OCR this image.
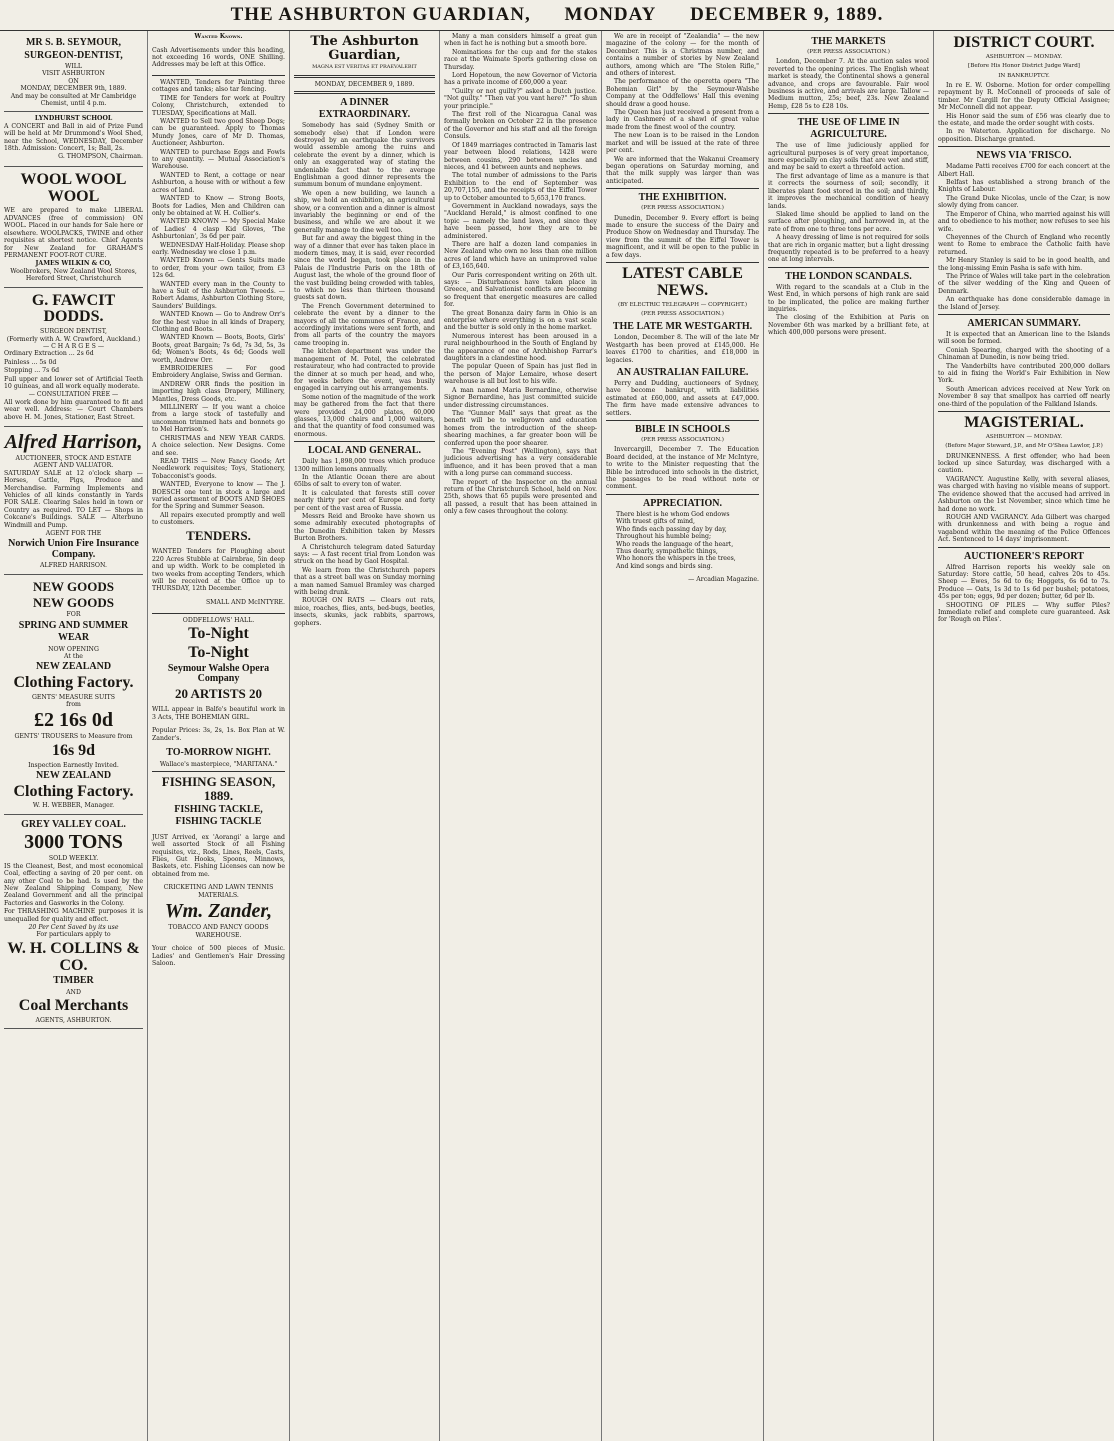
THE ASHBURTON GUARDIAN, MONDAY DECEMBER 9, 1889.
MR S. B. SEYMOUR,
SURGEON-DENTIST,
WILL
VISIT ASHBURTON
ON
MONDAY, DECEMBER 9th, 1889.
And may be consulted at Mr Cambridge Chemist, until 4 p.m.
LYNDHURST SCHOOL

A CONCERT and Ball in aid of Prize Fund will be held at Mr Drummond's Wool Shed, near the School, WEDNESDAY, December 18th. Admission: Concert, 1s; Ball, 2s.

G. THOMPSON, Chairman.

WOOL WOOL WOOL

WE are prepared to make LIBERAL ADVANCES (free of commission) ON WOOL. Placed in our hands for Sale here or elsewhere. WOOLPACKS, TWINE and other requisites at shortest notice. Chief Agents for New Zealand for GRAHAM'S PERMANENT FOOT-ROT CURE.

JAMES WILKIN & CO,
Woolbrokers, New Zealand Wool Stores, Hereford Street, Christchurch
G. FAWCIT DODDS.
SURGEON DENTIST,
(Formerly with A. W. Crawford, Auckland.)
— C H A R G E S —

Ordinary Extraction ... 2s 6d

Painless ... 5s 0d

Stopping ... 7s 6d

Full upper and lower set of Artificial Teeth 10 guineas, and all work equally moderate.

— CONSULTATION FREE —

All work done by him guaranteed to fit and wear well. Address: — Court Chambers above H. M. Jones, Stationer, East Street.

Alfred Harrison,
AUCTIONEER, STOCK AND ESTATE AGENT AND VALUATOR.

SATURDAY SALE at 12 o'clock sharp — Horses, Cattle, Pigs, Produce and Merchandise. Farming Implements and Vehicles of all kinds constantly in Yards FOR SALE. Clearing Sales held in town or Country as required. TO LET — Shops in Cokcane's Buildings. SALE — Alterbuno Windmill and Pump.

AGENT FOR THE
Norwich Union Fire Insurance Company.
ALFRED HARRISON.
NEW GOODS
NEW GOODS
FOR
SPRING AND SUMMER
WEAR
NOW OPENING
At the
NEW ZEALAND
Clothing Factory.
GENTS' MEASURE SUITS
from
£2 16s 0d
GENTS' TROUSERS to Measure from
16s 9d
Inspection Earnestly Invited.
NEW ZEALAND
Clothing Factory.
W. H. WEBBER, Manager.
GREY VALLEY COAL.
3000 TONS
SOLD WEEKLY.

IS the Cleanest, Best, and most economical Coal, effecting a saving of 20 per cent. on any other Coal to be had. Is used by the New Zealand Shipping Company, New Zealand Government and all the principal Factories and Gasworks in the Colony.

For THRASHING MACHINE purposes it is unequalled for quality and effect.

20 Per Cent Saved by its use
For particulars apply to
W. H. COLLINS & CO.
TIMBER
AND
Coal Merchants
AGENTS, ASHBURTON.
Wanted Known.

Cash Advertisements under this heading, not exceeding 16 words, ONE Shilling. Addresses may be left at this Office.

WANTED, Tenders for Painting three cottages and tanks; also tar fencing.

TIME for Tenders for work at Poultry Colony, Christchurch, extended to TUESDAY, Specifications at Mall.

WANTED to Sell two good Sheep Dogs; can be guaranteed. Apply to Thomas Mundy Jones, care of Mr D. Thomas, Auctioneer, Ashburton.

WANTED to purchase Eggs and Fowls to any quantity. — Mutual Association's Warehouse.

WANTED to Rent, a cottage or near Ashburton, a house with or without a few acres of land.

WANTED to Know — Strong Boots, Boots for Ladies, Men and Children can only be obtained at W. H. Collier's.

WANTED KNOWN — My Special Make of Ladies' 4 clasp Kid Gloves, 'The Ashburtonian', 3s 6d per pair.

WEDNESDAY Half-Holiday. Please shop early. Wednesday we close 1 p.m.

WANTED Known — Gents Suits made to order, from your own tailor, from £3 12s 6d.

WANTED every man in the County to have a Suit of the Ashburton Tweeds. — Robert Adams, Ashburton Clothing Store, Saunders' Buildings.

WANTED Known — Go to Andrew Orr's for the best value in all kinds of Drapery, Clothing and Boots.

WANTED Known — Boots, Boots, Girls' Boots, great Bargain; 7s 6d, 7s 3d, 5s, 3s 6d; Women's Boots, 4s 6d; Goods well worth, Andrew Orr.

EMBROIDERIES — For good Embroidery Anglaise, Swiss and German.

ANDREW ORR finds the position in importing high class Drapery, Millinery, Mantles, Dress Goods, etc.

MILLINERY — If you want a choice from a large stock of tastefully and uncommon trimmed hats and bonnets go to Mel Harrison's.

CHRISTMAS and NEW YEAR CARDS. A choice selection. New Designs. Come and see.

READ THIS — New Fancy Goods; Art Needlework requisites; Toys, Stationery, Tobacconist's goods.

WANTED, Everyone to know — The J. BOESCH one tent in stock a large and varied assortment of BOOTS AND SHOES for the Spring and Summer Season.

All repairs executed promptly and well to customers.

TENDERS.

WANTED Tenders for Ploughing about 220 Acres Stubble at Cairnbrae, 5in deep and up width. Work to be completed in two weeks from accepting Tenders, which will be received at the Office up to THURSDAY, 12th December.

SMALL AND McINTYRE.

ODDFELLOWS' HALL.
To-Night
To-Night
Seymour Walshe Opera Company
20 ARTISTS 20

WILL appear in Balfe's beautiful work in 3 Acts, THE BOHEMIAN GIRL.

Popular Prices: 3s, 2s, 1s. Box Plan at W. Zander's.

TO-MORROW NIGHT.
Wallace's masterpiece, "MARITANA."
FISHING SEASON, 1889.
FISHING TACKLE,
FISHING TACKLE

JUST Arrived, ex 'Aorangi' a large and well assorted Stock of all Fishing requisites, viz., Rods, Lines, Reels, Casts, Flies, Gut Hooks, Spoons, Minnows, Baskets, etc. Fishing Licenses can now be obtained from me.

CRICKETING AND LAWN TENNIS MATERIALS.
Wm. Zander,
TOBACCO AND FANCY GOODS WAREHOUSE.

Your choice of 500 pieces of Music. Ladies' and Gentlemen's Hair Dressing Saloon.

The Ashburton Guardian,
MAGNA EST VERITAS ET PRAEVALEBIT
MONDAY, DECEMBER 9, 1889.
A DINNER EXTRAORDINARY.

Somebody has said (Sydney Smith or somebody else) that if London were destroyed by an earthquake the survivors would assemble among the ruins and celebrate the event by a dinner, which is only an exaggerated way of stating the undeniable fact that to the average Englishman a good dinner represents the summum bonum of mundane enjoyment.

We open a new building, we launch a ship, we hold an exhibition, an agricultural show, or a convention and a dinner is almost invariably the beginning or end of the business, and while we are about it we generally manage to dine well too.

But far and away the biggest thing in the way of a dinner that ever has taken place in modern times, may, it is said, ever recorded since the world began, took place in the Palais de l'Industrie Paris on the 18th of August last, the whole of the ground floor of the vast building being crowded with tables, to which no less than thirteen thousand guests sat down.

The French Government determined to celebrate the event by a dinner to the mayors of all the communes of France, and accordingly invitations were sent forth, and from all parts of the country the mayors came trooping in.

The kitchen department was under the management of M. Potel, the celebrated restaurateur, who had contracted to provide the dinner at so much per head, and who, for weeks before the event, was busily engaged in carrying out his arrangements.

Some notion of the magnitude of the work may be gathered from the fact that there were provided 24,000 plates, 60,000 glasses, 13,000 chairs and 1,000 waiters, and that the quantity of food consumed was enormous.

LOCAL AND GENERAL.

Daily has 1,898,000 trees which produce 1300 million lemons annually.

In the Atlantic Ocean there are about 65lbs of salt to every ton of water.

It is calculated that forests still cover nearly thirty per cent of Europe and forty per cent of the vast area of Russia.

Messrs Reid and Brooke have shown us some admirably executed photographs of the Dunedin Exhibition taken by Messrs Burton Brothers.

A Christchurch telegram dated Saturday says: — A fast recent trial from London was struck on the head by Gaol Hospital.

We learn from the Christchurch papers that as a street ball was on Sunday morning a man named Samuel Bramley was charged with being drunk.

ROUGH ON RATS — Clears out rats, mice, roaches, flies, ants, bed-bugs, beetles, insects, skunks, jack rabbits, sparrows, gophers.

Many a man considers himself a great gun when in fact he is nothing but a smooth bore.

Nominations for the cup and for the stakes race at the Waimate Sports gathering close on Thursday.

Lord Hopetoun, the new Governor of Victoria has a private income of £60,000 a year.

"Guilty or not guilty?" asked a Dutch justice. "Not guilty." "Then vat you vant here?" "To shun your principle."

The first roll of the Nicaragua Canal was formally broken on October 22 in the presence of the Governor and his staff and all the foreign Consuls.

Of 1849 marriages contracted in Tamaris last year between blood relations, 1428 were between cousins, 290 between uncles and nieces, and 41 between aunts and nephews.

The total number of admissions to the Paris Exhibition to the end of September was 20,707,155, and the receipts of the Eiffel Tower up to October amounted to 5,653,170 francs.

Government in Auckland nowadays, says the "Auckland Herald," is almost confined to one topic — namely the land laws, and since they have been passed, how they are to be administered.

There are half a dozen land companies in New Zealand who own no less than one million acres of land which have an unimproved value of £3,165,640.

Our Paris correspondent writing on 26th ult. says: — Disturbances have taken place in Greece, and Salvationist conflicts are becoming so frequent that energetic measures are called for.

The great Bonanza dairy farm in Ohio is an enterprise where everything is on a vast scale and the butter is sold only in the home market.

Numerous interest has been aroused in a rural neighbourhood in the South of England by the appearance of one of Archbishop Farrar's daughters in a clandestine hood.

The popular Queen of Spain has just fled in the person of Major Lemaire, whose desert warehouse is all but lost to his wife.

A man named Maria Bernardine, otherwise Signor Bernardine, has just committed suicide under distressing circumstances.

The "Gunner Mall" says that great as the benefit will be to wellgrown and education homes from the introduction of the sheep-shearing machines, a far greater boon will be conferred upon the poor shearer.

The "Evening Post" (Wellington), says that judicious advertising has a very considerable influence, and it has been proved that a man with a long purse can command success.

The report of the Inspector on the annual return of the Christchurch School, held on Nov. 25th, shows that 65 pupils were presented and all passed, a result that has been attained in only a few cases throughout the colony.

We are in receipt of "Zealandia" — the new magazine of the colony — for the month of December. This is a Christmas number, and contains a number of stories by New Zealand authors, among which are "The Stolen Rifle," and others of interest.

The performance of the operetta opera "The Bohemian Girl" by the Seymour-Walshe Company at the Oddfellows' Hall this evening should draw a good house.

The Queen has just received a present from a lady in Cashmere of a shawl of great value made from the finest wool of the country.

The new Loan is to be raised in the London market and will be issued at the rate of three per cent.

We are informed that the Wakanui Creamery began operations on Saturday morning, and that the milk supply was larger than was anticipated.

THE EXHIBITION.
(PER PRESS ASSOCIATION.)

Dunedin, December 9. Every effort is being made to ensure the success of the Dairy and Produce Show on Wednesday and Thursday. The view from the summit of the Eiffel Tower is magnificent, and it will be open to the public in a few days.

LATEST CABLE NEWS.
(BY ELECTRIC TELEGRAPH — COPYRIGHT.)
(PER PRESS ASSOCIATION.)
THE LATE MR WESTGARTH.

London, December 8. The will of the late Mr Westgarth has been proved at £145,000. He leaves £1700 to charities, and £18,000 in legacies.

AN AUSTRALIAN FAILURE.

Perry and Dudding, auctioneers of Sydney, have become bankrupt, with liabilities estimated at £60,000, and assets at £47,000. The firm have made extensive advances to settlers.

BIBLE IN SCHOOLS
(PER PRESS ASSOCIATION.)

Invercargill, December 7. The Education Board decided, at the instance of Mr McIntyre, to write to the Minister requesting that the Bible be introduced into schools in the district, the passages to be read without note or comment.

APPRECIATION.
There blest is he whom God endows
With truest gifts of mind,
Who finds each passing day by day,
Throughout his humble being;
Who reads the language of the heart,
Thus dearly, sympathetic things,
Who honors the whispers in the trees,
And kind songs and birds sing.

— Arcadian Magazine.

THE MARKETS
(PER PRESS ASSOCIATION.)

London, December 7. At the auction sales wool reverted to the opening prices. The English wheat market is steady, the Continental shows a general advance, and crops are favourable. Fair wool business is active, and arrivals are large. Tallow — Medium mutton, 25s; beef, 23s. New Zealand Hemp, £28 5s to £28 10s.

THE USE OF LIME IN AGRICULTURE.

The use of lime judiciously applied for agricultural purposes is of very great importance, more especially on clay soils that are wet and stiff, and may be said to exert a threefold action.

The first advantage of lime as a manure is that it corrects the sourness of soil; secondly, it liberates plant food stored in the soil; and thirdly, it improves the mechanical condition of heavy lands.

Slaked lime should be applied to land on the surface after ploughing, and harrowed in, at the rate of from one to three tons per acre.

A heavy dressing of lime is not required for soils that are rich in organic matter, but a light dressing frequently repeated is to be preferred to a heavy one at long intervals.

THE LONDON SCANDALS.

With regard to the scandals at a Club in the West End, in which persons of high rank are said to be implicated, the police are making further inquiries.

The closing of the Exhibition at Paris on November 6th was marked by a brilliant fete, at which 400,000 persons were present.

DISTRICT COURT.
ASHBURTON — MONDAY.
[Before His Honor District Judge Ward]
IN BANKRUPTCY.

In re E. W. Osborne. Motion for order compelling repayment by R. McConnell of proceeds of sale of timber. Mr Cargill for the Deputy Official Assignee; Mr McConnell did not appear.

His Honor said the sum of £56 was clearly due to the estate, and made the order sought with costs.

In re Waterton. Application for discharge. No opposition. Discharge granted.

NEWS VIA 'FRISCO.

Madame Patti receives £700 for each concert at the Albert Hall.

Belfast has established a strong branch of the Knights of Labour.

The Grand Duke Nicolas, uncle of the Czar, is now slowly dying from cancer.

The Emperor of China, who married against his will and to obedience to his mother, now refuses to see his wife.

Cheyennes of the Church of England who recently went to Rome to embrace the Catholic faith have returned.

Mr Henry Stanley is said to be in good health, and the long-missing Emin Pasha is safe with him.

The Prince of Wales will take part in the celebration of the silver wedding of the King and Queen of Denmark.

An earthquake has done considerable damage in the Island of Jersey.

AMERICAN SUMMARY.

It is expected that an American line to the Islands will soon be formed.

Coniah Spearing, charged with the shooting of a Chinaman at Dunedin, is now being tried.

The Vanderbilts have contributed 200,000 dollars to aid in fixing the World's Fair Exhibition in New York.

South American advices received at New York on November 8 say that smallpox has carried off nearly one-third of the population of the Falkland Islands.

MAGISTERIAL.
ASHBURTON — MONDAY.
(Before Major Steward, J.P., and Mr O'Shea Lawlor, J.P.)

DRUNKENNESS. A first offender, who had been locked up since Saturday, was discharged with a caution.

VAGRANCY. Augustine Kelly, with several aliases, was charged with having no visible means of support. The evidence showed that the accused had arrived in Ashburton on the 1st November, since which time he had done no work.

ROUGH AND VAGRANCY. Ada Gilbert was charged with drunkenness and with being a rogue and vagabond within the meaning of the Police Offences Act. Sentenced to 14 days' imprisonment.

AUCTIONEER'S REPORT

Alfred Harrison reports his weekly sale on Saturday: Store cattle, 50 head, calves 20s to 45s. Sheep — Ewes, 5s 6d to 6s; Hoggets, 6s 6d to 7s. Produce — Oats, 1s 3d to 1s 6d per bushel; potatoes, 45s per ton; eggs, 9d per dozen; butter, 6d per lb.

SHOOTING OF PILES — Why suffer Piles? Immediate relief and complete cure guaranteed. Ask for 'Rough on Piles'.
